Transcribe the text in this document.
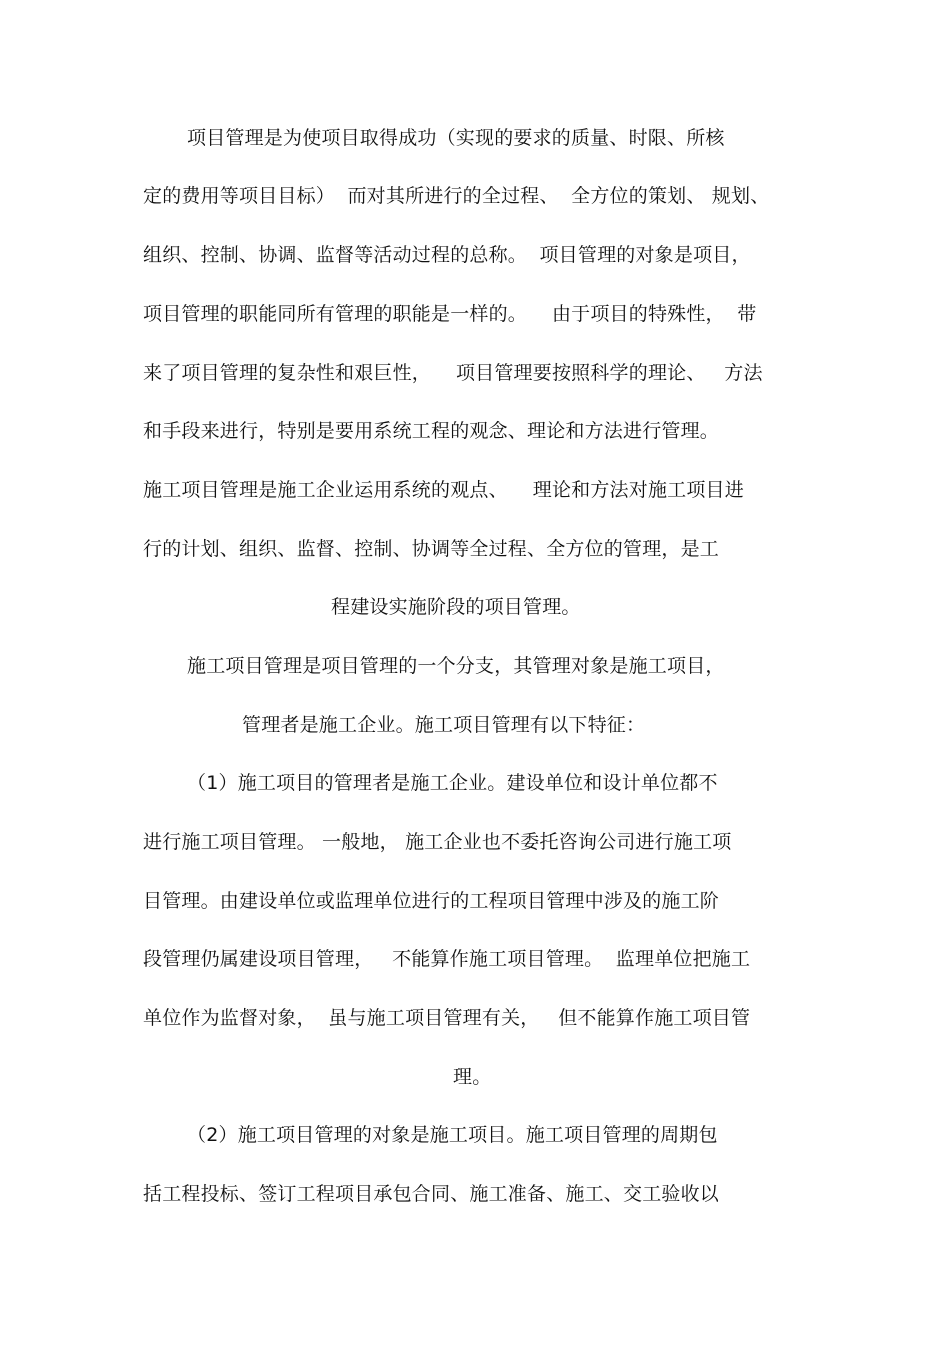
项目管理是为使项目取得成功（实现的要求的质量、时限、所核
定的费用等项目目标）  而对其所进行的全过程、  全方位的策划、 规划、
组织、控制、协调、监督等活动过程的总称。  项目管理的对象是项目，
项目管理的职能同所有管理的职能是一样的。    由于项目的特殊性，  带
来了项目管理的复杂性和艰巨性，    项目管理要按照科学的理论、   方法
和手段来进行，特别是要用系统工程的观念、理论和方法进行管理。
施工项目管理是施工企业运用系统的观点、    理论和方法对施工项目进
行的计划、组织、监督、控制、协调等全过程、全方位的管理，是工
程建设实施阶段的项目管理。
施工项目管理是项目管理的一个分支，其管理对象是施工项目，
管理者是施工企业。施工项目管理有以下特征：
（1）施工项目的管理者是施工企业。建设单位和设计单位都不
进行施工项目管理。 一般地， 施工企业也不委托咨询公司进行施工项
目管理。由建设单位或监理单位进行的工程项目管理中涉及的施工阶
段管理仍属建设项目管理，   不能算作施工项目管理。  监理单位把施工
单位作为监督对象，  虽与施工项目管理有关，   但不能算作施工项目管
理。
（2）施工项目管理的对象是施工项目。施工项目管理的周期包
括工程投标、签订工程项目承包合同、施工准备、施工、交工验收以
